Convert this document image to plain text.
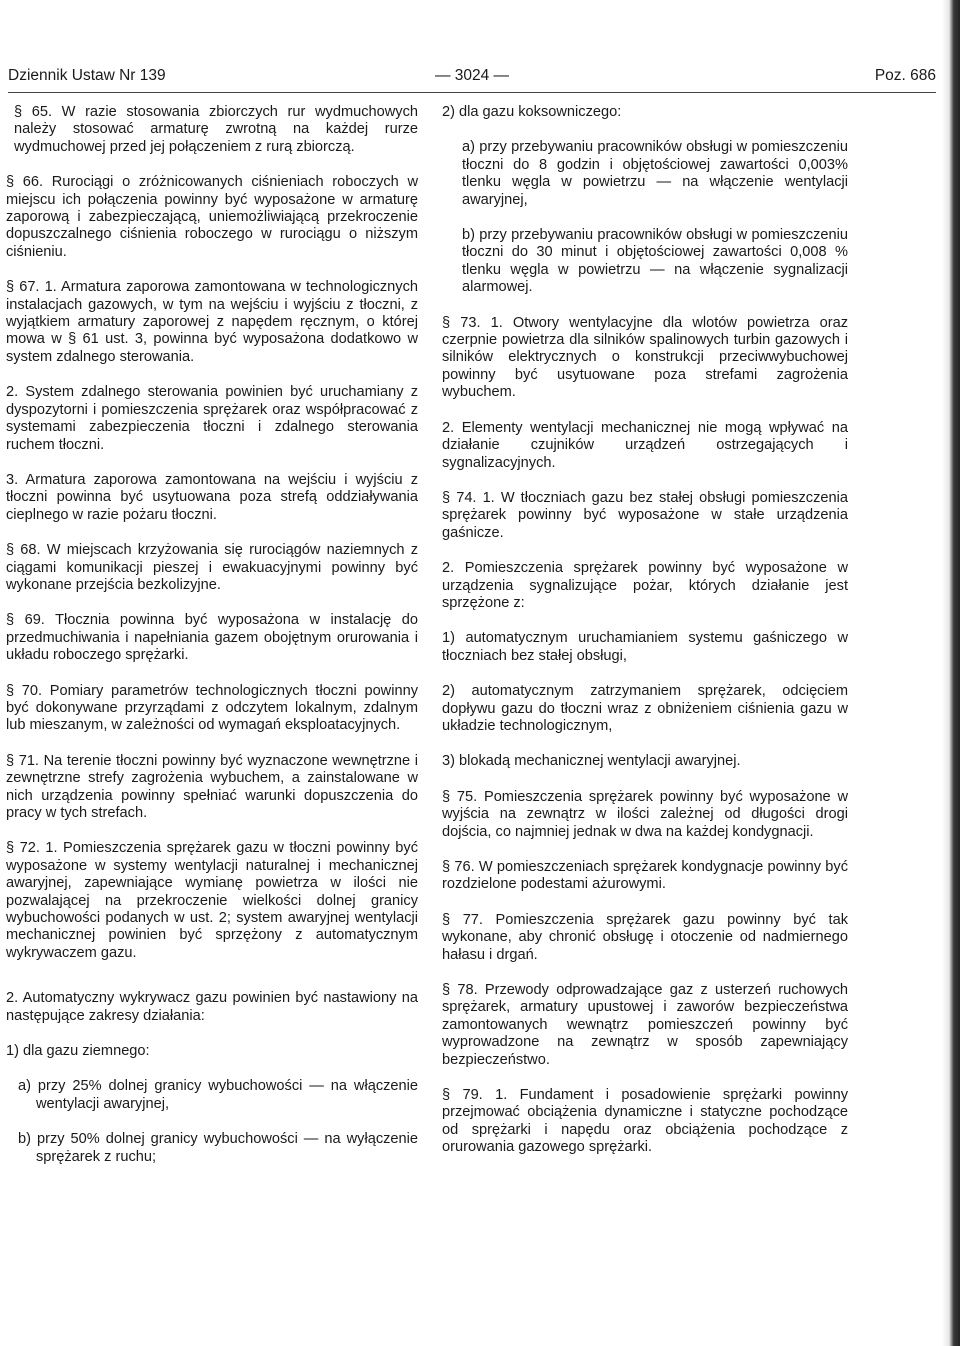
Dziennik Ustaw Nr 139	— 3024 —	Poz. 686

§ 65. W razie stosowania zbiorczych rur wydmuchowych należy stosować armaturę zwrotną na każdej rurze wydmuchowej przed jej połączeniem z rurą zbiorczą.

§ 66. Rurociągi o zróżnicowanych ciśnieniach roboczych w miejscu ich połączenia powinny być wyposażone w armaturę zaporową i zabezpieczającą, uniemożliwiającą przekroczenie dopuszczalnego ciśnienia roboczego w rurociągu o niższym ciśnieniu.

§ 67. 1. Armatura zaporowa zamontowana w technologicznych instalacjach gazowych, w tym na wejściu i wyjściu z tłoczni, z wyjątkiem armatury zaporowej z napędem ręcznym, o której mowa w § 61 ust. 3, powinna być wyposażona dodatkowo w system zdalnego sterowania.

2. System zdalnego sterowania powinien być uruchamiany z dyspozytorni i pomieszczenia sprężarek oraz współpracować z systemami zabezpieczenia tłoczni i zdalnego sterowania ruchem tłoczni.

3. Armatura zaporowa zamontowana na wejściu i wyjściu z tłoczni powinna być usytuowana poza strefą oddziaływania cieplnego w razie pożaru tłoczni.

§ 68. W miejscach krzyżowania się rurociągów naziemnych z ciągami komunikacji pieszej i ewakuacyjnymi powinny być wykonane przejścia bezkolizyjne.

§ 69. Tłocznia powinna być wyposażona w instalację do przedmuchiwania i napełniania gazem obojętnym orurowania i układu roboczego sprężarki.

§ 70. Pomiary parametrów technologicznych tłoczni powinny być dokonywane przyrządami z odczytem lokalnym, zdalnym lub mieszanym, w zależności od wymagań eksploatacyjnych.

§ 71. Na terenie tłoczni powinny być wyznaczone wewnętrzne i zewnętrzne strefy zagrożenia wybuchem, a zainstalowane w nich urządzenia powinny spełniać warunki dopuszczenia do pracy w tych strefach.

§ 72. 1. Pomieszczenia sprężarek gazu w tłoczni powinny być wyposażone w systemy wentylacji naturalnej i mechanicznej awaryjnej, zapewniające wymianę powietrza w ilości nie pozwalającej na przekroczenie wielkości dolnej granicy wybuchowości podanych w ust. 2; system awaryjnej wentylacji mechanicznej powinien być sprzężony z automatycznym wykrywaczem gazu.

2. Automatyczny wykrywacz gazu powinien być nastawiony na następujące zakresy działania:

1) dla gazu ziemnego:

a) przy 25% dolnej granicy wybuchowości — na włączenie wentylacji awaryjnej,

b) przy 50% dolnej granicy wybuchowości — na wyłączenie sprężarek z ruchu;

2) dla gazu koksowniczego:

a) przy przebywaniu pracowników obsługi w pomieszczeniu tłoczni do 8 godzin i objętościowej zawartości 0,003% tlenku węgla w powietrzu — na włączenie wentylacji awaryjnej,

b) przy przebywaniu pracowników obsługi w pomieszczeniu tłoczni do 30 minut i objętościowej zawartości 0,008 % tlenku węgla w powietrzu — na włączenie sygnalizacji alarmowej.

§ 73. 1. Otwory wentylacyjne dla wlotów powietrza oraz czerpnie powietrza dla silników spalinowych turbin gazowych i silników elektrycznych o konstrukcji przeciwwybuchowej powinny być usytuowane poza strefami zagrożenia wybuchem.

2. Elementy wentylacji mechanicznej nie mogą wpływać na działanie czujników urządzeń ostrzegających i sygnalizacyjnych.

§ 74. 1. W tłoczniach gazu bez stałej obsługi pomieszczenia sprężarek powinny być wyposażone w stałe urządzenia gaśnicze.

2. Pomieszczenia sprężarek powinny być wyposażone w urządzenia sygnalizujące pożar, których działanie jest sprzężone z:

1) automatycznym uruchamianiem systemu gaśniczego w tłoczniach bez stałej obsługi,

2) automatycznym zatrzymaniem sprężarek, odcięciem dopływu gazu do tłoczni wraz z obniżeniem ciśnienia gazu w układzie technologicznym,

3) blokadą mechanicznej wentylacji awaryjnej.

§ 75. Pomieszczenia sprężarek powinny być wyposażone w wyjścia na zewnątrz w ilości zależnej od długości drogi dojścia, co najmniej jednak w dwa na każdej kondygnacji.

§ 76. W pomieszczeniach sprężarek kondygnacje powinny być rozdzielone podestami ażurowymi.

§ 77. Pomieszczenia sprężarek gazu powinny być tak wykonane, aby chronić obsługę i otoczenie od nadmiernego hałasu i drgań.

§ 78. Przewody odprowadzające gaz z usterzeń ruchowych sprężarek, armatury upustowej i zaworów bezpieczeństwa zamontowanych wewnątrz pomieszczeń powinny być wyprowadzone na zewnątrz w sposób zapewniający bezpieczeństwo.

§ 79. 1. Fundament i posadowienie sprężarki powinny przejmować obciążenia dynamiczne i statyczne pochodzące od sprężarki i napędu oraz obciążenia pochodzące z orurowania gazowego sprężarki.
